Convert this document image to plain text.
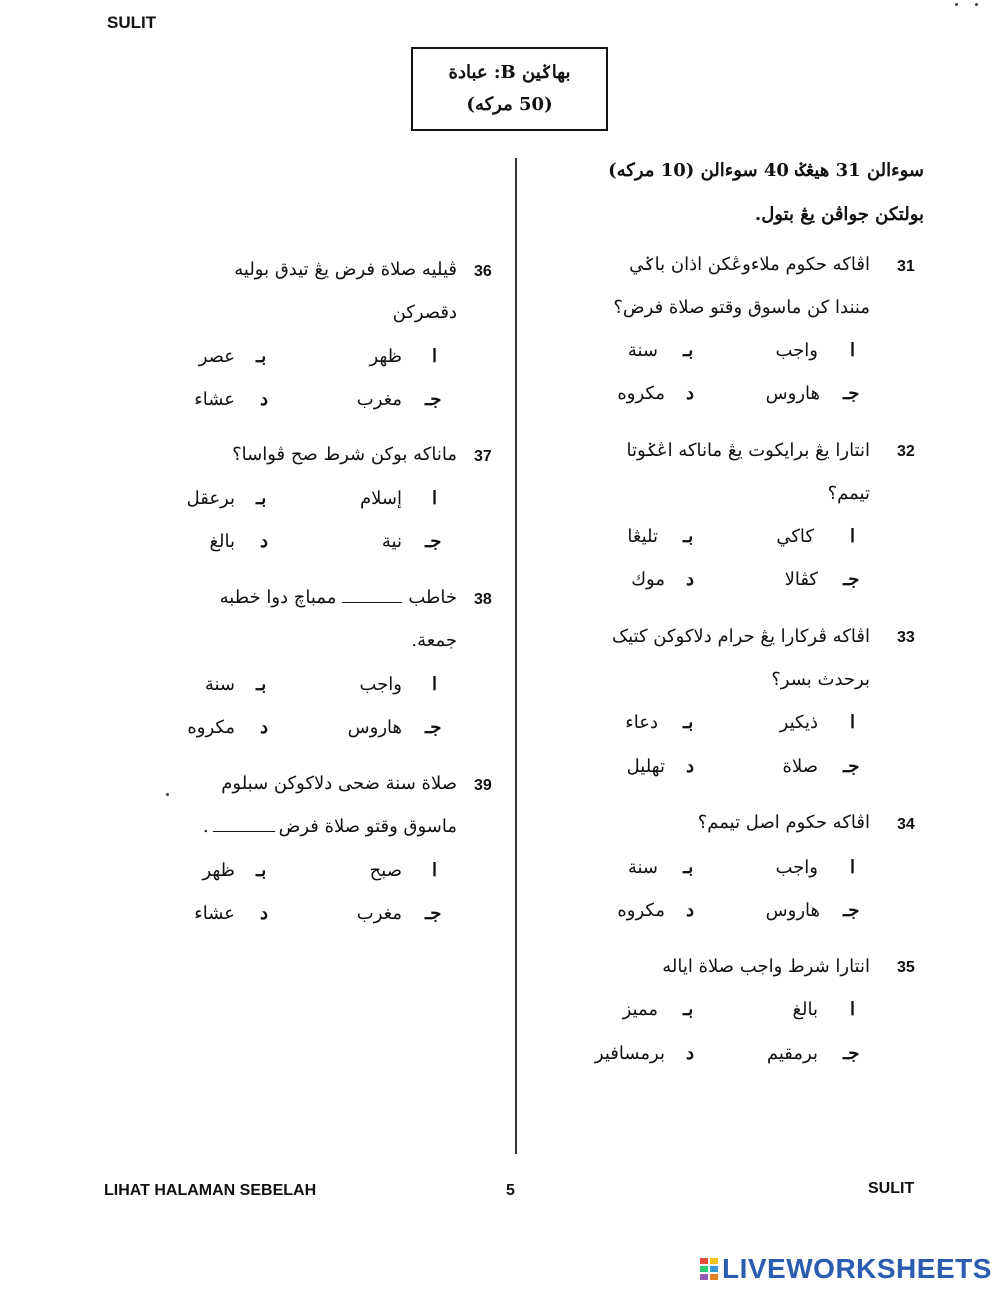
SULIT
بهاݢين B: عبادة
(50 مركه)
سوءالن 31 هيڠݢ 40 سوءالن (10 مركه)
بولتكن جواڤن يڠ بتول.
31
اڤاكه حكوم ملاءوڠكن اذان باݢي
منندا كن ماسوق وقتو صلاة فرض؟
ا
واجب
بـ
سنة
جـ
هاروس
د
مكروه
32
انتارا يڠ برايكوت يڠ ماناكه اڠݢوتا
تيمم؟
ا
كاكي
بـ
تليڠا
جـ
كڤالا
د
موك
33
اڤاكه ڤركارا يڠ حرام دلاكوكن كتيک
برحدث بسر؟
ا
ذيكير
بـ
دعاء
جـ
صلاة
د
تهليل
34
اڤاكه حكوم اصل تيمم؟
ا
واجب
بـ
سنة
جـ
هاروس
د
مكروه
35
انتارا شرط واجب صلاة اياله
ا
بالغ
بـ
مميز
جـ
برمقيم
د
برمسافير
36
ڤيليه صلاة فرض يڠ تيدق بوليه
دقصركن
ا
ظهر
بـ
عصر
جـ
مغرب
د
عشاء
37
ماناكه بوكن شرط صح ڤواسا؟
ا
إسلام
بـ
برعقل
جـ
نية
د
بالغ
38
خاطبممباچ دوا خطبه
جمعة.
ا
واجب
بـ
سنة
جـ
هاروس
د
مكروه
39
صلاة سنة ضحى دلاكوكن سبلوم
ماسوق وقتو صلاة فرض.
ا
صبح
بـ
ظهر
جـ
مغرب
د
عشاء
LIHAT HALAMAN SEBELAH	5	SULIT
LIVEWORKSHEETS
